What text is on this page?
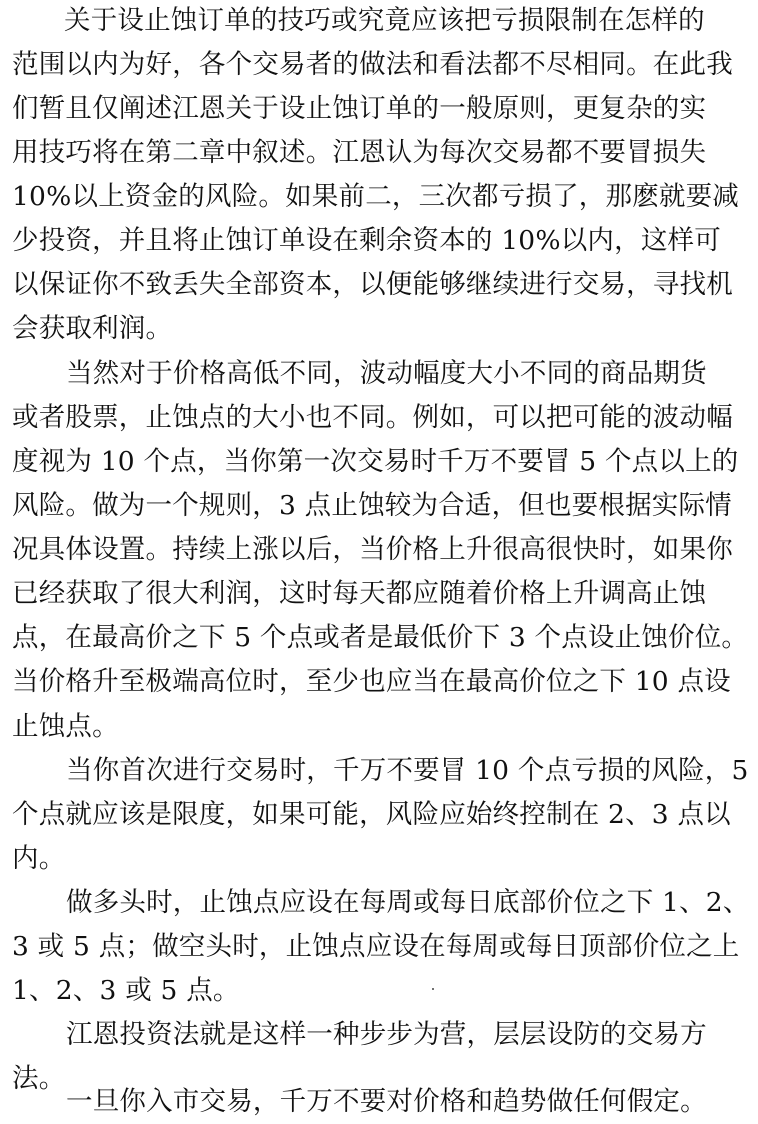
关于设止蚀订单的技巧或究竟应该把亏损限制在怎样的
范围以内为好，各个交易者的做法和看法都不尽相同。在此我
们暂且仅阐述江恩关于设止蚀订单的一般原则，更复杂的实
用技巧将在第二章中叙述。江恩认为每次交易都不要冒损失
10%以上资金的风险。如果前二，三次都亏损了，那麽就要减
少投资，并且将止蚀订单设在剩余资本的 10%以内，这样可
以保证你不致丢失全部资本，以便能够继续进行交易，寻找机
会获取利润。
当然对于价格高低不同，波动幅度大小不同的商品期货
或者股票，止蚀点的大小也不同。例如，可以把可能的波动幅
度视为 10 个点，当你第一次交易时千万不要冒 5 个点以上的
风险。做为一个规则，3 点止蚀较为合适，但也要根据实际情
况具体设置。持续上涨以后，当价格上升很高很快时，如果你
已经获取了很大利润，这时每天都应随着价格上升调高止蚀
点，在最高价之下 5 个点或者是最低价下 3 个点设止蚀价位。
当价格升至极端高位时，至少也应当在最高价位之下 10 点设
止蚀点。
当你首次进行交易时，千万不要冒 10 个点亏损的风险，5
个点就应该是限度，如果可能，风险应始终控制在 2、3 点以
内。
做多头时，止蚀点应设在每周或每日底部价位之下 1、2、
3 或 5 点；做空头时，止蚀点应设在每周或每日顶部价位之上
1、2、3 或 5 点。
江恩投资法就是这样一种步步为营，层层设防的交易方
法。
一旦你入市交易，千万不要对价格和趋势做任何假定。
